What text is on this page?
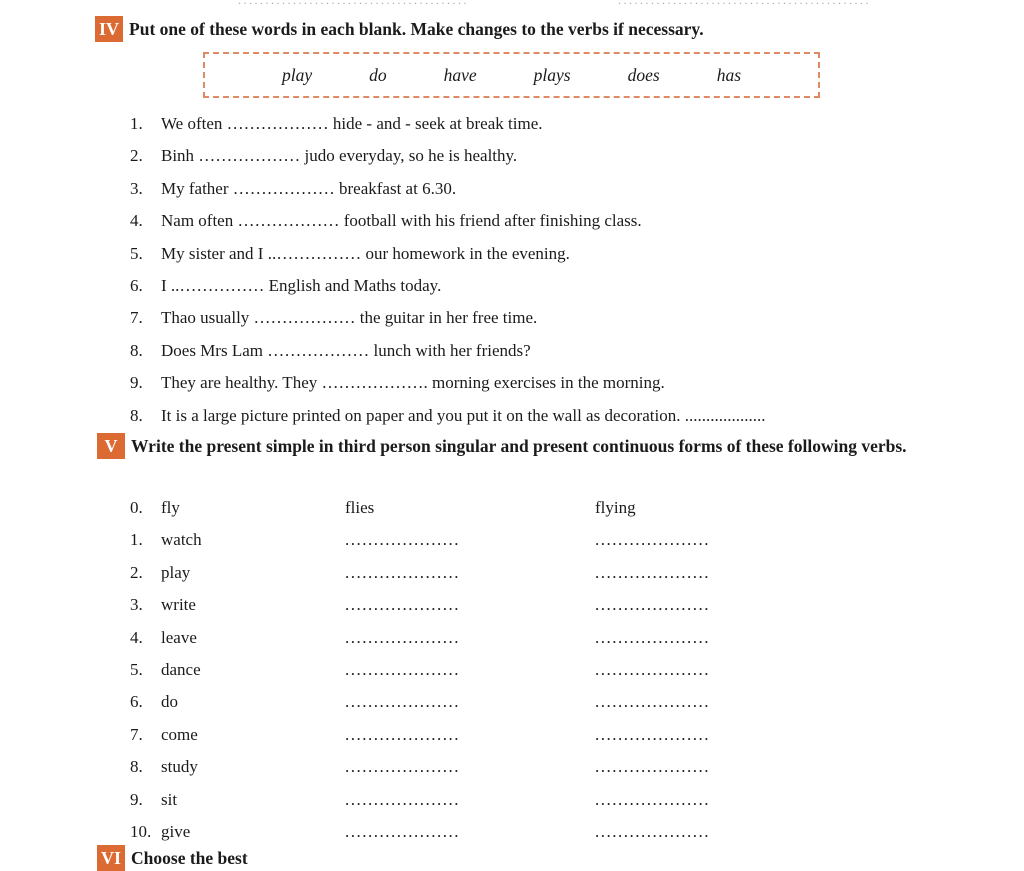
..........................................	..............................................
IV Put one of these words in each blank. Make changes to the verbs if necessary.
play	do	have	plays	does	has
1.	We often ……………… hide - and - seek at break time.
2.	Binh ……………… judo everyday, so he is healthy.
3.	My father ……………… breakfast at 6.30.
4.	Nam often ……………… football with his friend after finishing class.
5.	My sister and I ..…………… our homework in the evening.
6.	I ..…………… English and Maths today.
7.	Thao usually ……………… the guitar in her free time.
8.	Does Mrs Lam ……………… lunch with her friends?
9.	They are healthy. They ………………. morning exercises in the morning.
8.	It is a large picture printed on paper and you put it on the wall as decoration. ...................
V Write the present simple in third person singular and present continuous forms of these following verbs.
0.	fly	flies	flying
1.	watch	....................	....................
2.	play	....................	....................
3.	write	....................	....................
4.	leave	....................	....................
5.	dance	....................	....................
6.	do	....................	....................
7.	come	....................	....................
8.	study	....................	....................
9.	sit	....................	....................
10. give	....................	....................
VI Choose the best
